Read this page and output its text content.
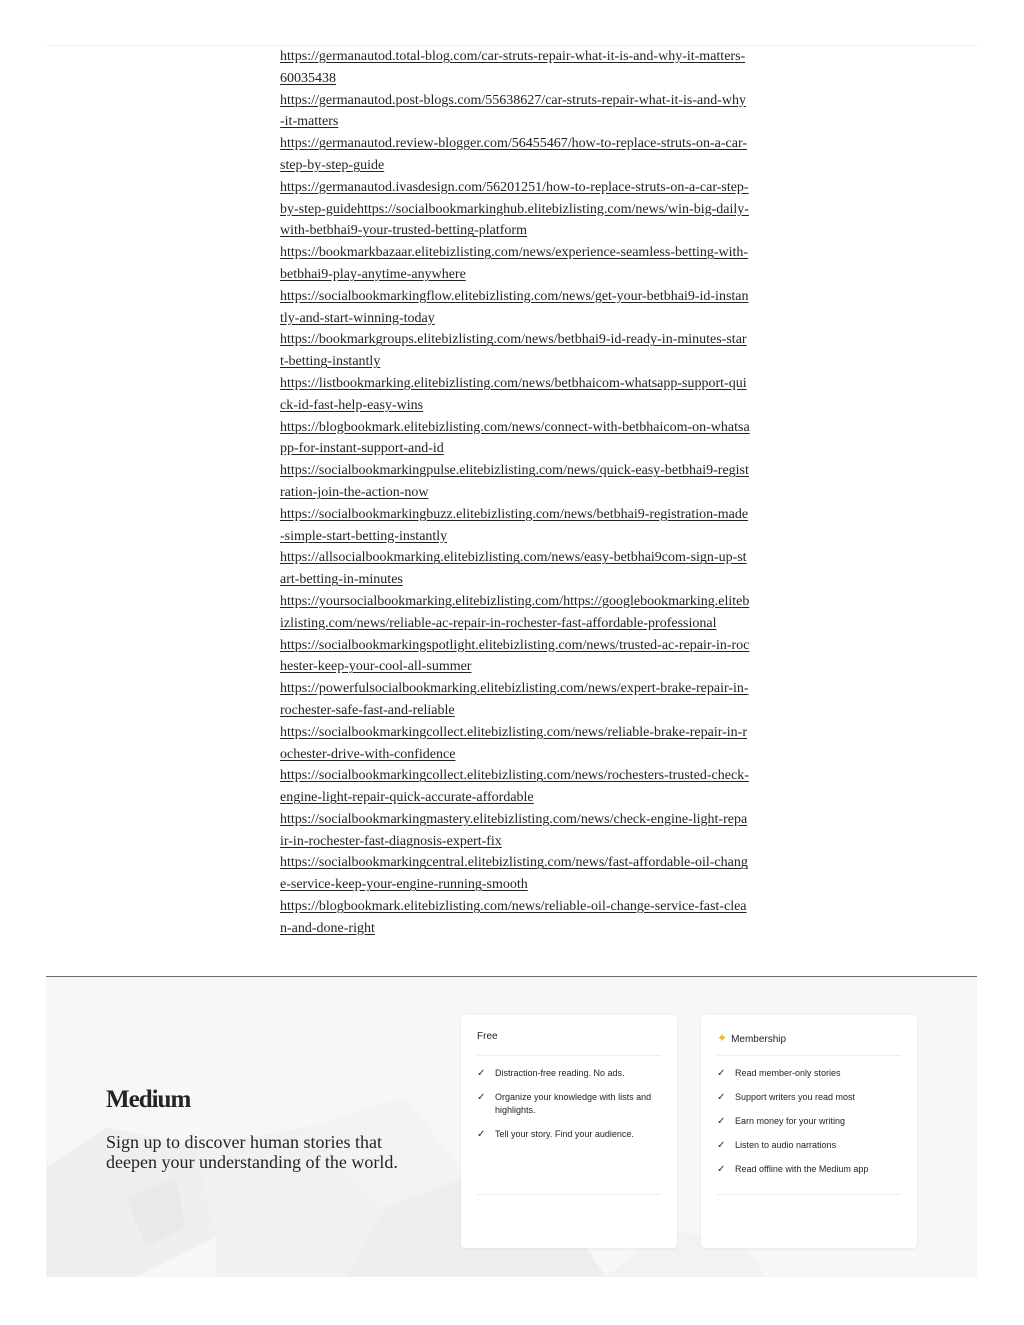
https://germanautod.total-blog.com/car-struts-repair-what-it-is-and-why-it-matters-60035438
https://germanautod.post-blogs.com/55638627/car-struts-repair-what-it-is-and-why-it-matters
https://germanautod.review-blogger.com/56455467/how-to-replace-struts-on-a-car-step-by-step-guide
https://germanautod.ivasdesign.com/56201251/how-to-replace-struts-on-a-car-step-by-step-guidehttps://socialbookmarkinghub.elitebizlisting.com/news/win-big-daily-with-betbhai9-your-trusted-betting-platform
https://bookmarkbazaar.elitebizlisting.com/news/experience-seamless-betting-with-betbhai9-play-anytime-anywhere
https://socialbookmarkingflow.elitebizlisting.com/news/get-your-betbhai9-id-instantly-and-start-winning-today
https://bookmarkgroups.elitebizlisting.com/news/betbhai9-id-ready-in-minutes-start-betting-instantly
https://listbookmarking.elitebizlisting.com/news/betbhaicom-whatsapp-support-quick-id-fast-help-easy-wins
https://blogbookmark.elitebizlisting.com/news/connect-with-betbhaicom-on-whatsapp-for-instant-support-and-id
https://socialbookmarkingpulse.elitebizlisting.com/news/quick-easy-betbhai9-registration-join-the-action-now
https://socialbookmarkingbuzz.elitebizlisting.com/news/betbhai9-registration-made-simple-start-betting-instantly
https://allsocialbookmarking.elitebizlisting.com/news/easy-betbhai9com-sign-up-start-betting-in-minutes
https://yoursocialbookmarking.elitebizlisting.com/https://googlebookmarking.elitebizlisting.com/news/reliable-ac-repair-in-rochester-fast-affordable-professional
https://socialbookmarkingspotlight.elitebizlisting.com/news/trusted-ac-repair-in-rochester-keep-your-cool-all-summer
https://powerfulsocialbookmarking.elitebizlisting.com/news/expert-brake-repair-in-rochester-safe-fast-and-reliable
https://socialbookmarkingcollect.elitebizlisting.com/news/reliable-brake-repair-in-rochester-drive-with-confidence
https://socialbookmarkingcollect.elitebizlisting.com/news/rochesters-trusted-check-engine-light-repair-quick-accurate-affordable
https://socialbookmarkingmastery.elitebizlisting.com/news/check-engine-light-repair-in-rochester-fast-diagnosis-expert-fix
https://socialbookmarkingcentral.elitebizlisting.com/news/fast-affordable-oil-change-service-keep-your-engine-running-smooth
https://blogbookmark.elitebizlisting.com/news/reliable-oil-change-service-fast-clean-and-done-right
Medium
Sign up to discover human stories that
deepen your understanding of the world.
Free
✓	Distraction-free reading. No ads.
✓	Organize your knowledge with lists and highlights.
✓	Tell your story. Find your audience.
✦ Membership
✓	Read member-only stories
✓	Support writers you read most
✓	Earn money for your writing
✓	Listen to audio narrations
✓	Read offline with the Medium app
